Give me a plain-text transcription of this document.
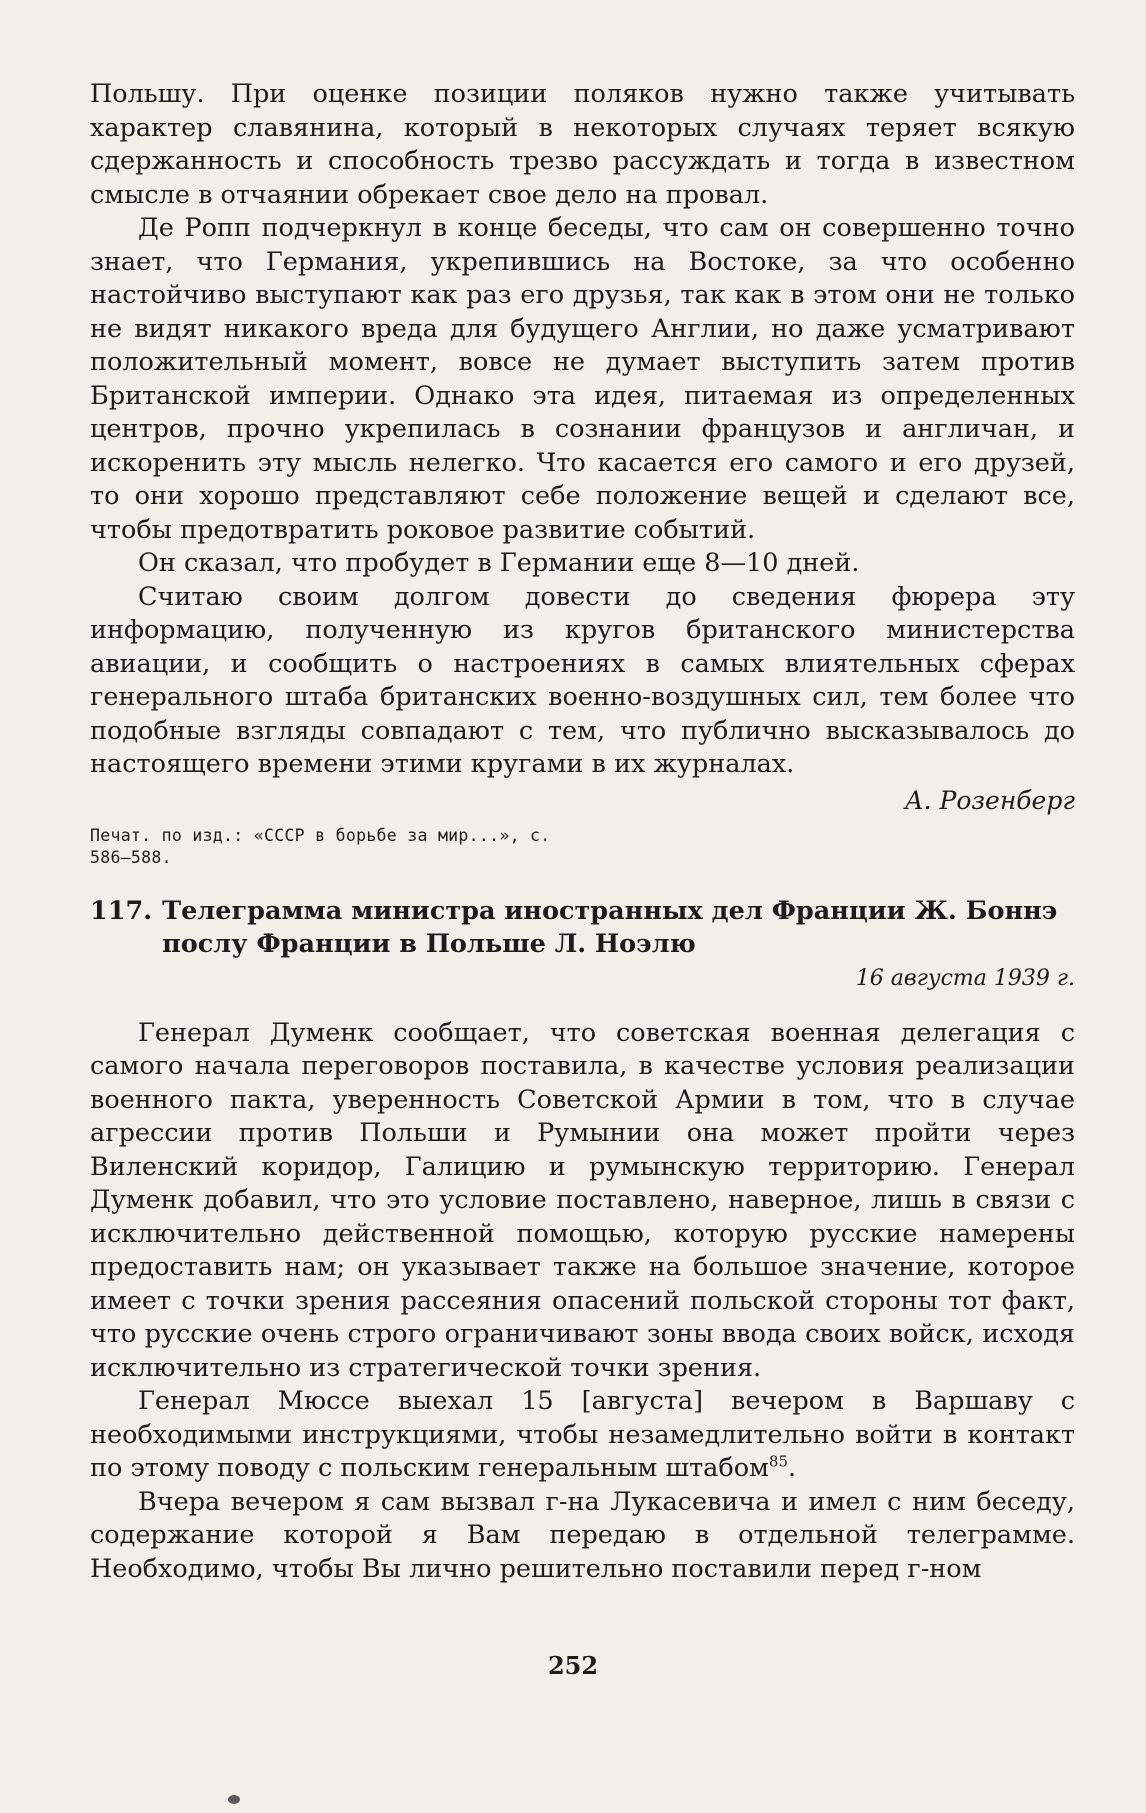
Польшу. При оценке позиции поляков нужно также учитывать характер славянина, который в некоторых случаях теряет всякую сдержанность и способность трезво рассуждать и тогда в известном смысле в отчаянии обрекает свое дело на провал.

Де Ропп подчеркнул в конце беседы, что сам он совершенно точно знает, что Германия, укрепившись на Востоке, за что особенно настойчиво выступают как раз его друзья, так как в этом они не только не видят никакого вреда для будущего Англии, но даже усматривают положительный момент, вовсе не думает выступить затем против Британской империи. Однако эта идея, питаемая из определенных центров, прочно укрепилась в сознании французов и англичан, и искоренить эту мысль нелегко. Что касается его самого и его друзей, то они хорошо представляют себе положение вещей и сделают все, чтобы предотвратить роковое развитие событий.

Он сказал, что пробудет в Германии еще 8—10 дней.

Считаю своим долгом довести до сведения фюрера эту информацию, полученную из кругов британского министерства авиации, и сообщить о настроениях в самых влиятельных сферах генерального штаба британских военно-воздушных сил, тем более что подобные взгляды совпадают с тем, что публично высказывалось до настоящего времени этими кругами в их журналах.

А. Розенберг

Печат. по изд.: «СССР в борьбе за мир...», с. 586—588.

117. Телеграмма министра иностранных дел Франции Ж. Боннэ послу Франции в Польше Л. Ноэлю

16 августа 1939 г.

Генерал Думенк сообщает, что советская военная делегация с самого начала переговоров поставила, в качестве условия реализации военного пакта, уверенность Советской Армии в том, что в случае агрессии против Польши и Румынии она может пройти через Виленский коридор, Галицию и румынскую территорию. Генерал Думенк добавил, что это условие поставлено, наверное, лишь в связи с исключительно действенной помощью, которую русские намерены предоставить нам; он указывает также на большое значение, которое имеет с точки зрения рассеяния опасений польской стороны тот факт, что русские очень строго ограничивают зоны ввода своих войск, исходя исключительно из стратегической точки зрения.

Генерал Мюссе выехал 15 [августа] вечером в Варшаву с необходимыми инструкциями, чтобы незамедлительно войти в контакт по этому поводу с польским генеральным штабом$^{85}$.

Вчера вечером я сам вызвал г-на Лукасевича и имел с ним беседу, содержание которой я Вам передаю в отдельной телеграмме. Необходимо, чтобы Вы лично решительно поставили перед г-ном

252
